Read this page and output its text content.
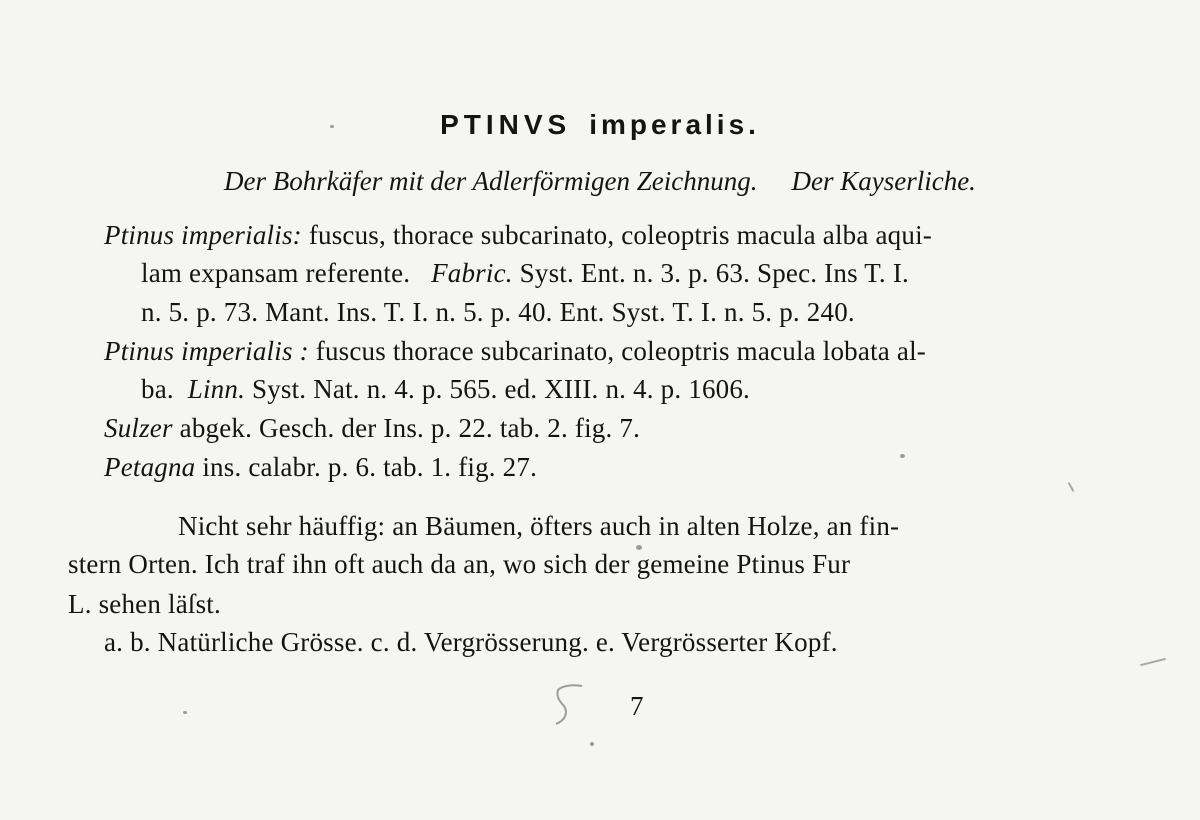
PTINVS imperalis.
Der Bohrkäfer mit der Adlerförmigen Zeichnung. Der Kayserliche.
Ptinus imperialis: fuscus, thorace subcarinato, coleoptris macula alba aqui-
lam expansam referente. Fabric. Syst. Ent. n. 3. p. 63. Spec. Ins T. I.
n. 5. p. 73. Mant. Ins. T. I. n. 5. p. 40. Ent. Syst. T. I. n. 5. p. 240.
Ptinus imperialis : fuscus thorace subcarinato, coleoptris macula lobata al-
ba. Linn. Syst. Nat. n. 4. p. 565. ed. XIII. n. 4. p. 1606.
Sulzer abgek. Gesch. der Ins. p. 22. tab. 2. fig. 7.
Petagna ins. calabr. p. 6. tab. 1. fig. 27.
Nicht sehr häuffig: an Bäumen, öfters auch in alten Holze, an fin-
stern Orten. Ich traf ihn oft auch da an, wo sich der gemeine Ptinus Fur
L. sehen läſst.
a. b. Natürliche Grösse. c. d. Vergrösserung. e. Vergrösserter Kopf.
7
